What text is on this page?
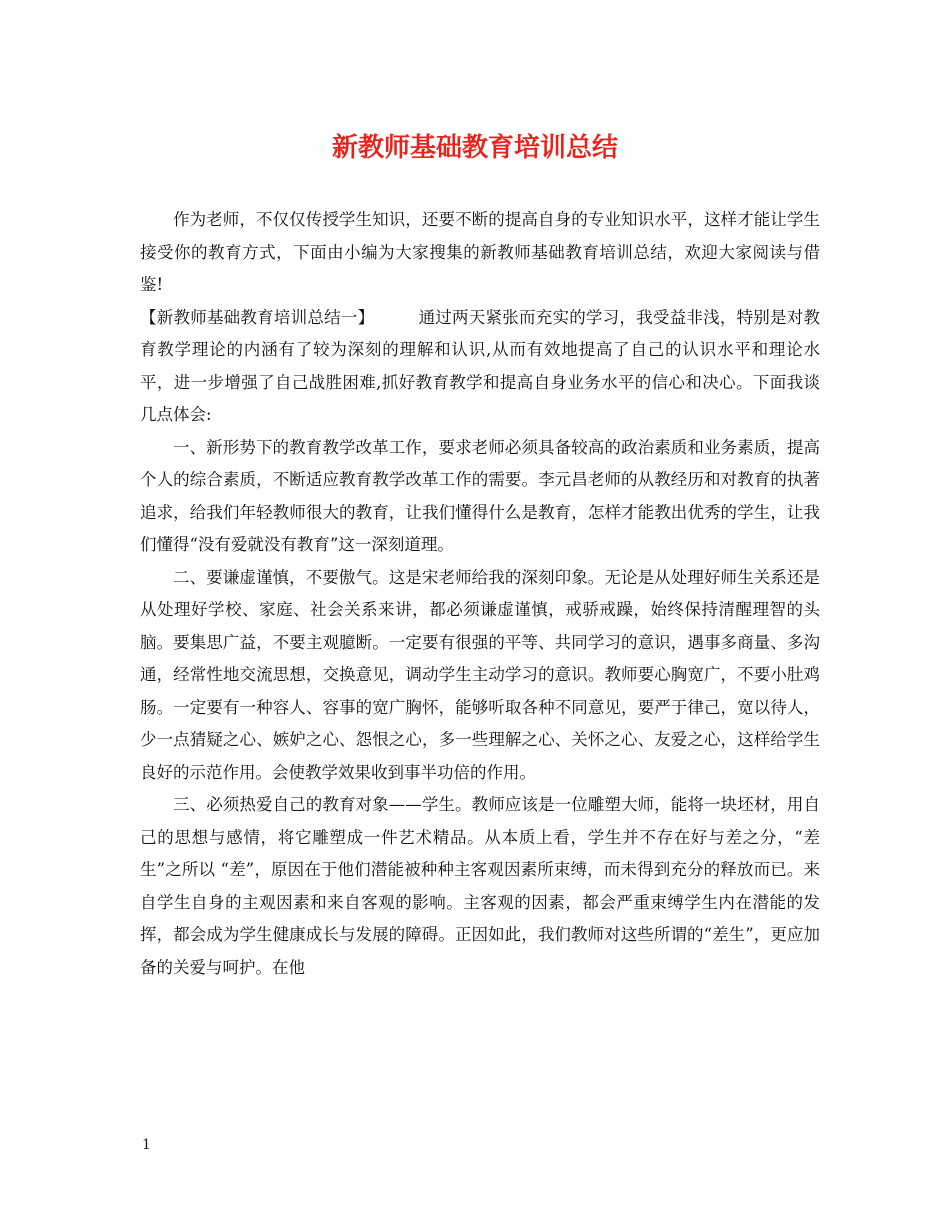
新教师基础教育培训总结

作为老师，不仅仅传授学生知识，还要不断的提高自身的专业知识水平，这样才能让学生接受你的教育方式，下面由小编为大家搜集的新教师基础教育培训总结，欢迎大家阅读与借鉴!

【新教师基础教育培训总结一】	通过两天紧张而充实的学习，我受益非浅，特别是对教育教学理论的内涵有了较为深刻的理解和认识,从而有效地提高了自己的认识水平和理论水平，进一步增强了自己战胜困难,抓好教育教学和提高自身业务水平的信心和决心。下面我谈几点体会:

一、新形势下的教育教学改革工作，要求老师必须具备较高的政治素质和业务素质，提高个人的综合素质，不断适应教育教学改革工作的需要。李元昌老师的从教经历和对教育的执著追求，给我们年轻教师很大的教育，让我们懂得什么是教育，怎样才能教出优秀的学生，让我们懂得“没有爱就没有教育”这一深刻道理。

二、要谦虚谨慎，不要傲气。这是宋老师给我的深刻印象。无论是从处理好师生关系还是从处理好学校、家庭、社会关系来讲，都必须谦虚谨慎，戒骄戒躁，始终保持清醒理智的头脑。要集思广益，不要主观臆断。一定要有很强的平等、共同学习的意识，遇事多商量、多沟通，经常性地交流思想，交换意见，调动学生主动学习的意识。教师要心胸宽广，不要小肚鸡肠。一定要有一种容人、容事的宽广胸怀，能够听取各种不同意见，要严于律己，宽以待人，少一点猜疑之心、嫉妒之心、怨恨之心，多一些理解之心、关怀之心、友爱之心，这样给学生良好的示范作用。会使教学效果收到事半功倍的作用。

三、必须热爱自己的教育对象——学生。教师应该是一位雕塑大师，能将一块坯材，用自己的思想与感情，将它雕塑成一件艺术精品。从本质上看，学生并不存在好与差之分，“差生”之所以 “差”，原因在于他们潜能被种种主客观因素所束缚，而未得到充分的释放而已。来自学生自身的主观因素和来自客观的影响。主客观的因素，都会严重束缚学生内在潜能的发挥，都会成为学生健康成长与发展的障碍。正因如此，我们教师对这些所谓的“差生”，更应加备的关爱与呵护。在他

1
